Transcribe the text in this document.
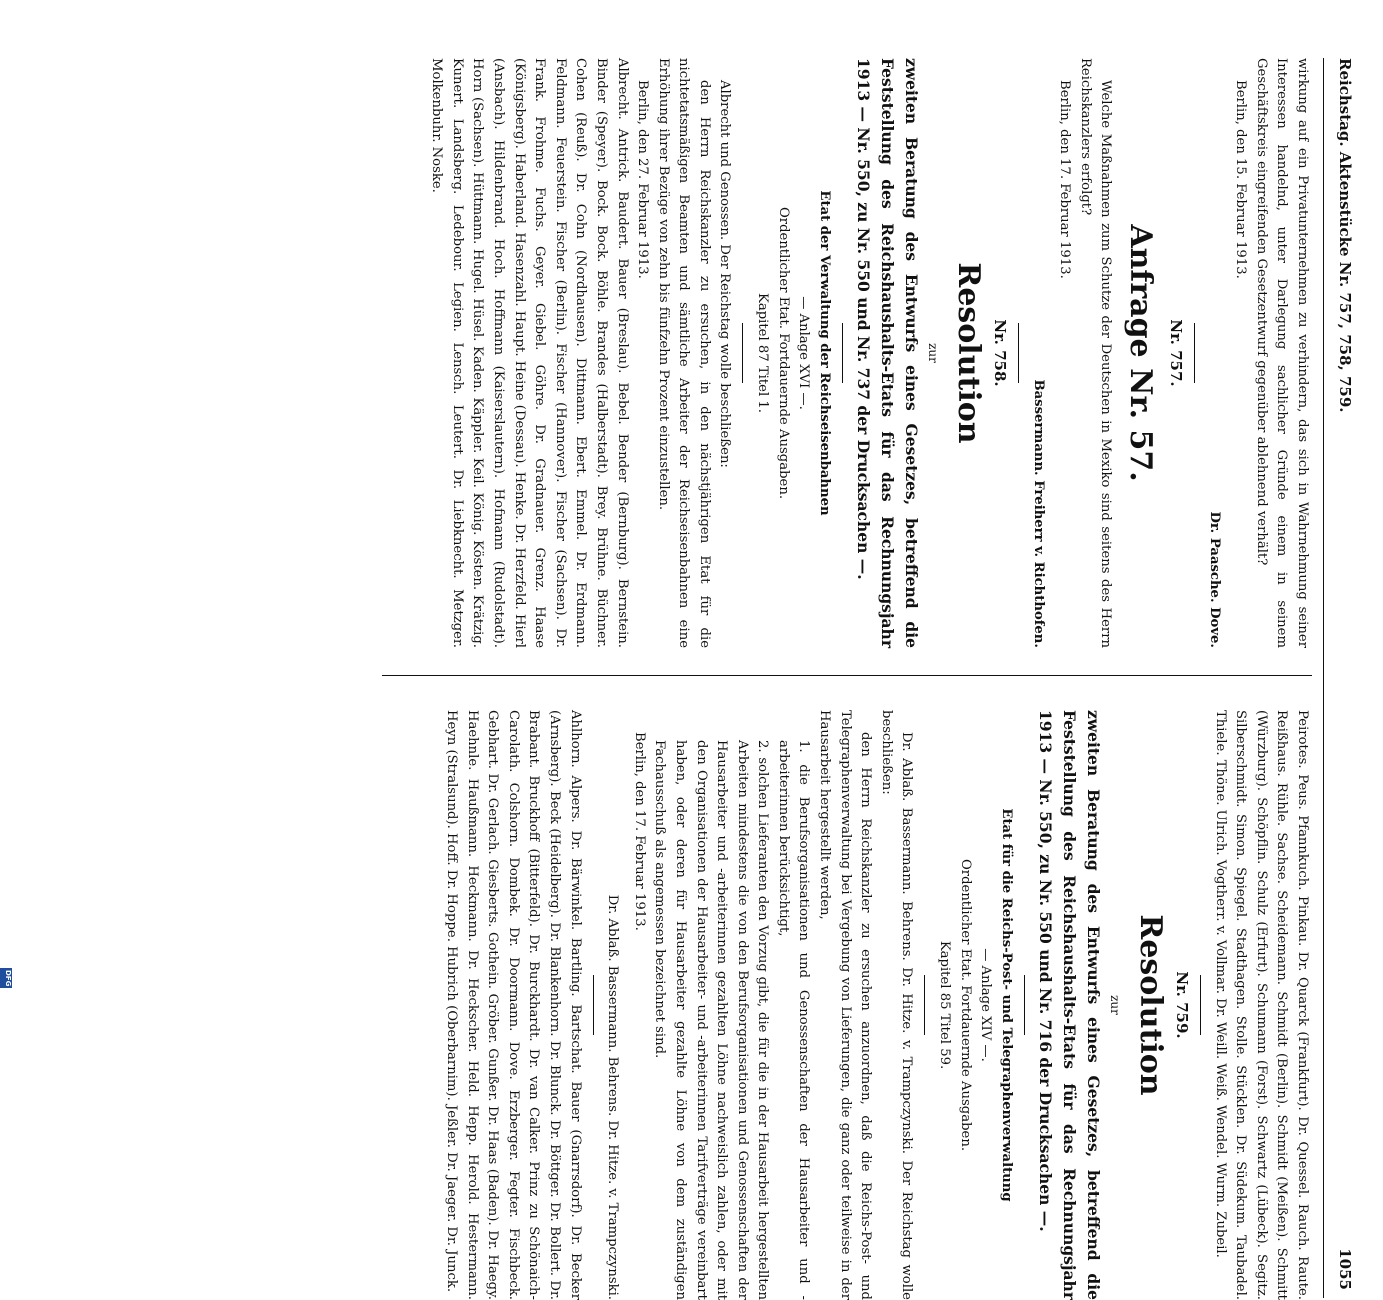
Reichstag. Aktenstücke Nr. 757, 758, 759.
1055

wirkung auf ein Privatunternehmen zu verhindern, das sich in Wahrnehmung seiner Interessen handelnd, unter Darlegung sachlicher Gründe einem in seinem Geschäftskreis eingreifenden Gesetzentwurf gegenüber ablehnend verhält?

Berlin, den 15. Februar 1913.

Dr. Paasche. Dove.

Nr. 757.

Anfrage Nr. 57.

Welche Maßnahmen zum Schutze der Deutschen in Mexiko sind seitens des Herrn Reichskanzlers erfolgt?

Berlin, den 17. Februar 1913.

Bassermann. Freiherr v. Richthofen.

Nr. 758.

Resolution

zur

zweiten Beratung des Entwurfs eines Gesetzes, betreffend die Feststellung des Reichshaushalts-Etats für das Rechnungsjahr 1913 — Nr. 550, zu Nr. 550 und Nr. 737 der Drucksachen —.

Etat der Verwaltung der Reichseisenbahnen

— Anlage XVI —.

Ordentlicher Etat. Fortdauernde Ausgaben.

Kapitel 87 Titel 1.

Albrecht und Genossen. Der Reichstag wolle beschließen:

den Herrn Reichskanzler zu ersuchen, in den nächstjährigen Etat für die nichtetatsmäßigen Beamten und sämtliche Arbeiter der Reichseisenbahnen eine Erhöhung ihrer Bezüge von zehn bis fünfzehn Prozent einzustellen.

Berlin, den 27. Februar 1913.

Albrecht. Antrick. Baudert. Bauer (Breslau). Bebel. Bender (Bernburg). Bernstein. Binder (Speyer). Bock. Bock. Böhle. Brandes (Halberstadt). Brey. Brühne. Büchner. Cohen (Reuß). Dr. Cohn (Nordhausen). Dittmann. Ebert. Emmel. Dr. Erdmann. Feldmann. Feuerstein. Fischer (Berlin). Fischer (Hannover). Fischer (Sachsen). Dr. Frank. Frohme. Fuchs. Geyer. Giebel. Göhre. Dr. Gradnauer. Grenz. Haase (Königsberg). Haberland. Hasenzahl. Haupt. Heine (Dessau). Henke. Dr. Herzfeld. Hierl (Ansbach). Hildenbrand. Hoch. Hoffmann (Kaiserslautern). Hofmann (Rudolstadt). Horn (Sachsen). Hüttmann. Hugel. Hüsel. Kaden. Käppler. Keil. König. Kösten. Krätzig. Kunert. Landsberg. Ledebour. Legien. Lensch. Leutert. Dr. Liebknecht. Metzger. Molkenbuhr. Noske.

Peirotes. Peus. Pfannkuch. Pinkau. Dr. Quarck (Frankfurt). Dr. Quessel. Rauch. Raute. Reißhaus. Rühle. Sachse. Scheidemann. Schmidt (Berlin). Schmidt (Meißen). Schmitt (Würzburg). Schöpflin. Schulz (Erfurt). Schumann (Forst). Schwartz (Lübeck). Segitz. Silberschmidt. Simon. Spiegel. Stadthagen. Stolle. Stücklen. Dr. Südekum. Taubadel. Thiele. Thöne. Ulrich. Vogtherr. v. Vollmar. Dr. Weill. Weiß. Wendel. Wurm. Zubeil.

Nr. 759.

Resolution

zur

zweiten Beratung des Entwurfs eines Gesetzes, betreffend die Feststellung des Reichshaushalts-Etats für das Rechnungsjahr 1913 — Nr. 550, zu Nr. 550 und Nr. 716 der Drucksachen —.

Etat für die Reichs-Post- und Telegraphenverwaltung

— Anlage XIV —.

Ordentlicher Etat. Fortdauernde Ausgaben.

Kapitel 85 Titel 59.

Dr. Ablaß. Bassermann. Behrens. Dr. Hitze. v. Trampczynski. Der Reichstag wolle beschließen:

den Herrn Reichskanzler zu ersuchen anzuordnen, daß die Reichs-Post- und Telegraphenverwaltung bei Vergebung von Lieferungen, die ganz oder teilweise in der Hausarbeit hergestellt werden,

1. die Berufsorganisationen und Genossenschaften der Hausarbeiter und -arbeiterinnen berücksichtigt,

2. solchen Lieferanten den Vorzug gibt, die für die in der Hausarbeit hergestellten Arbeiten mindestens die von den Berufsorganisationen und Genossenschaften der Hausarbeiter und -arbeiterinnen gezahlten Löhne nachweislich zahlen, oder mit den Organisationen der Hausarbeiter- und -arbeiterinnen Tarifverträge vereinbart haben, oder deren für Hausarbeiter gezahlte Löhne von dem zuständigen Fachausschuß als angemessen bezeichnet sind.

Berlin, den 17. Februar 1913.

Dr. Ablaß. Bassermann. Behrens. Dr. Hitze. v. Trampczynski.

Ahlhorn. Alpers. Dr. Bärwinkel. Bartling. Bartschat. Bauer (Gnarrsdorf). Dr. Becker (Arnsberg). Beck (Heidelberg). Dr. Blankenhorn. Dr. Blunck. Dr. Böttger. Dr. Bollert. Dr. Brabant. Bruckhoff (Bitterfeld). Dr. Burckhardt. Dr. van Calker. Prinz zu Schönaich-Carolath. Colshorn. Dombek. Dr. Doormann. Dove. Erzberger. Fegter. Fischbeck. Gebhart. Dr. Gerlach. Giesberts. Gothein. Gröber. Gunßer. Dr. Haas (Baden). Dr. Haegy. Haehnle. Haußmann. Heckmann. Dr. Heckscher. Held. Hepp. Herold. Hestermann. Heyn (Stralsund). Hoff. Dr. Hoppe. Hubrich (Oberbarnim). Jeßler. Dr. Jaeger. Dr. Junck.

DFG
